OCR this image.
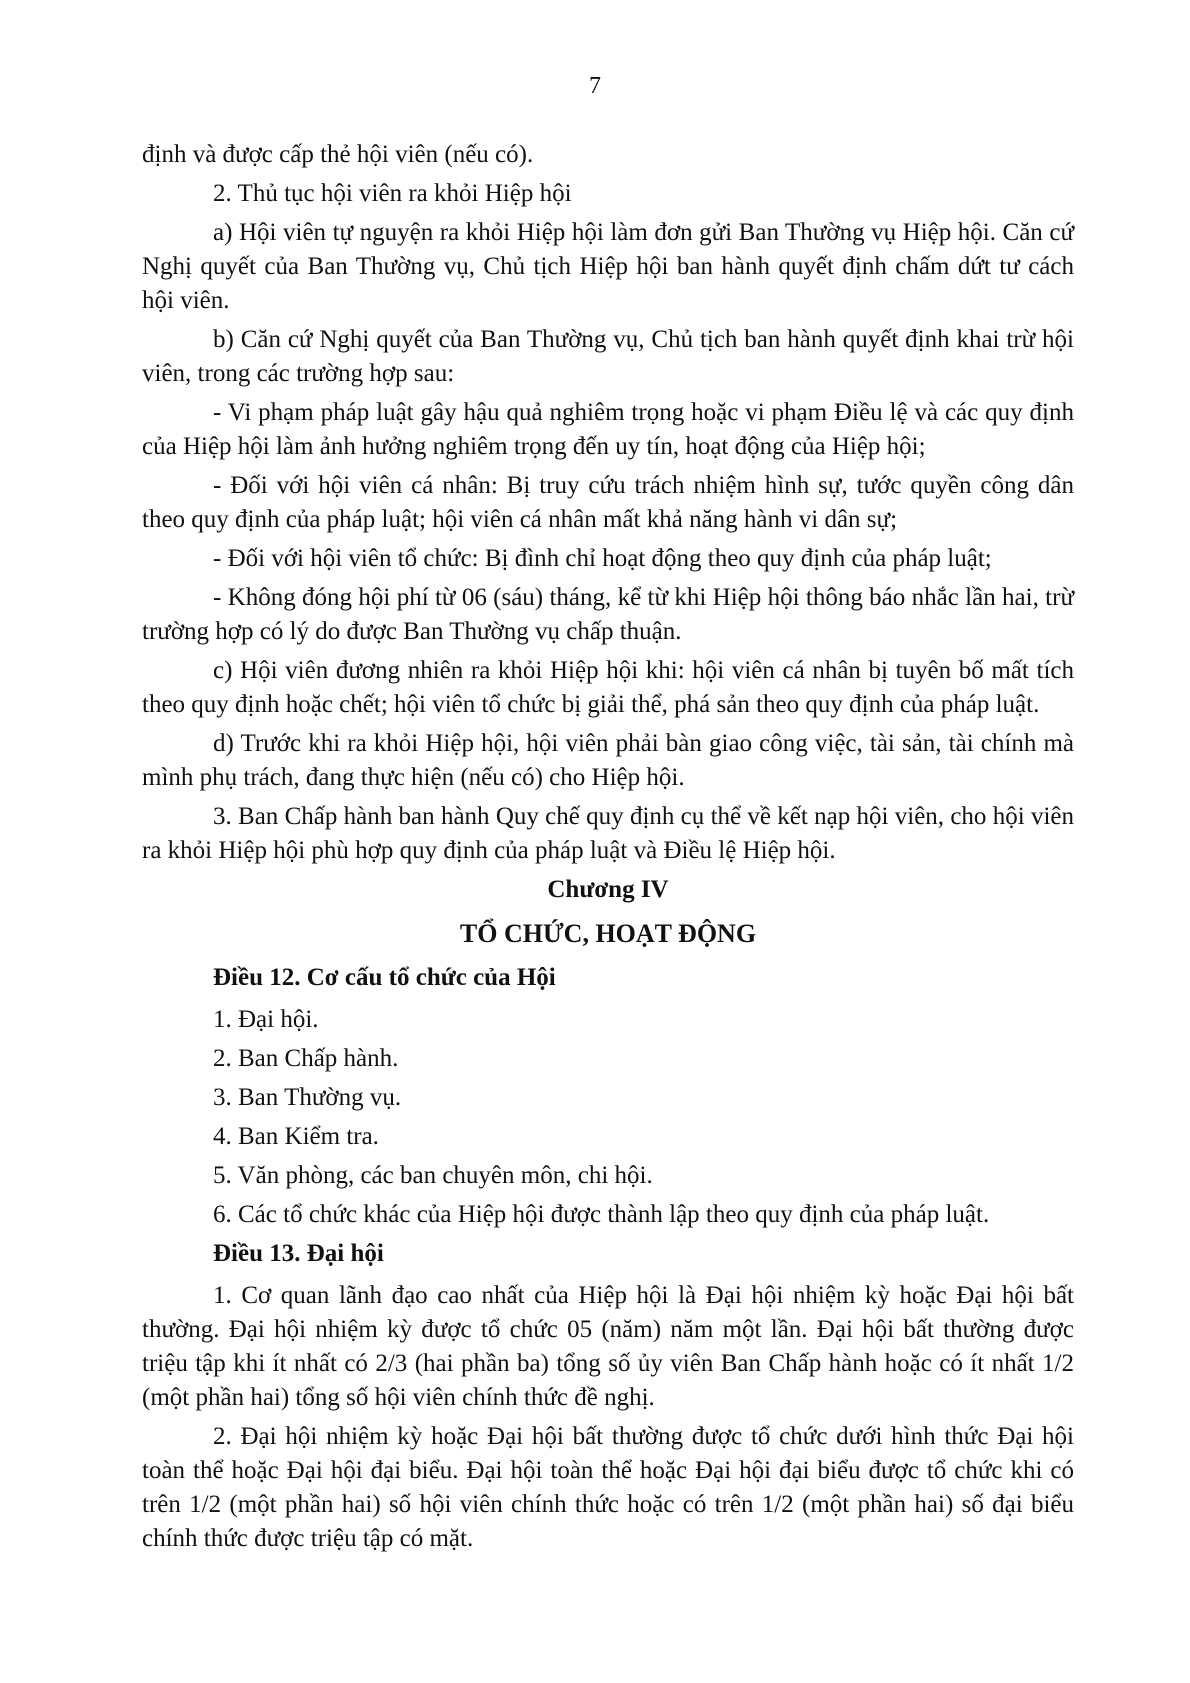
7

định và được cấp thẻ hội viên (nếu có).

2. Thủ tục hội viên ra khỏi Hiệp hội

a) Hội viên tự nguyện ra khỏi Hiệp hội làm đơn gửi Ban Thường vụ Hiệp hội. Căn cứ Nghị quyết của Ban Thường vụ, Chủ tịch Hiệp hội ban hành quyết định chấm dứt tư cách hội viên.

b) Căn cứ Nghị quyết của Ban Thường vụ, Chủ tịch ban hành quyết định khai trừ hội viên, trong các trường hợp sau:

- Vi phạm pháp luật gây hậu quả nghiêm trọng hoặc vi phạm Điều lệ và các quy định của Hiệp hội làm ảnh hưởng nghiêm trọng đến uy tín, hoạt động của Hiệp hội;

- Đối với hội viên cá nhân: Bị truy cứu trách nhiệm hình sự, tước quyền công dân theo quy định của pháp luật; hội viên cá nhân mất khả năng hành vi dân sự;

- Đối với hội viên tổ chức: Bị đình chỉ hoạt động theo quy định của pháp luật;

- Không đóng hội phí từ 06 (sáu) tháng, kể từ khi Hiệp hội thông báo nhắc lần hai, trừ trường hợp có lý do được Ban Thường vụ chấp thuận.

c) Hội viên đương nhiên ra khỏi Hiệp hội khi: hội viên cá nhân bị tuyên bố mất tích theo quy định hoặc chết; hội viên tổ chức bị giải thể, phá sản theo quy định của pháp luật.

d) Trước khi ra khỏi Hiệp hội, hội viên phải bàn giao công việc, tài sản, tài chính mà mình phụ trách, đang thực hiện (nếu có) cho Hiệp hội.

3. Ban Chấp hành ban hành Quy chế quy định cụ thể về kết nạp hội viên, cho hội viên ra khỏi Hiệp hội phù hợp quy định của pháp luật và Điều lệ Hiệp hội.

Chương IV

TỔ CHỨC, HOẠT ĐỘNG

Điều 12. Cơ cấu tổ chức của Hội

1. Đại hội.

2. Ban Chấp hành.

3. Ban Thường vụ.

4. Ban Kiểm tra.

5. Văn phòng, các ban chuyên môn, chi hội.

6. Các tổ chức khác của Hiệp hội được thành lập theo quy định của pháp luật.

Điều 13. Đại hội

1. Cơ quan lãnh đạo cao nhất của Hiệp hội là Đại hội nhiệm kỳ hoặc Đại hội bất thường. Đại hội nhiệm kỳ được tổ chức 05 (năm) năm một lần. Đại hội bất thường được triệu tập khi ít nhất có 2/3 (hai phần ba) tổng số ủy viên Ban Chấp hành hoặc có ít nhất 1/2 (một phần hai) tổng số hội viên chính thức đề nghị.

2. Đại hội nhiệm kỳ hoặc Đại hội bất thường được tổ chức dưới hình thức Đại hội toàn thể hoặc Đại hội đại biểu. Đại hội toàn thể hoặc Đại hội đại biểu được tổ chức khi có trên 1/2 (một phần hai) số hội viên chính thức hoặc có trên 1/2 (một phần hai) số đại biểu chính thức được triệu tập có mặt.
